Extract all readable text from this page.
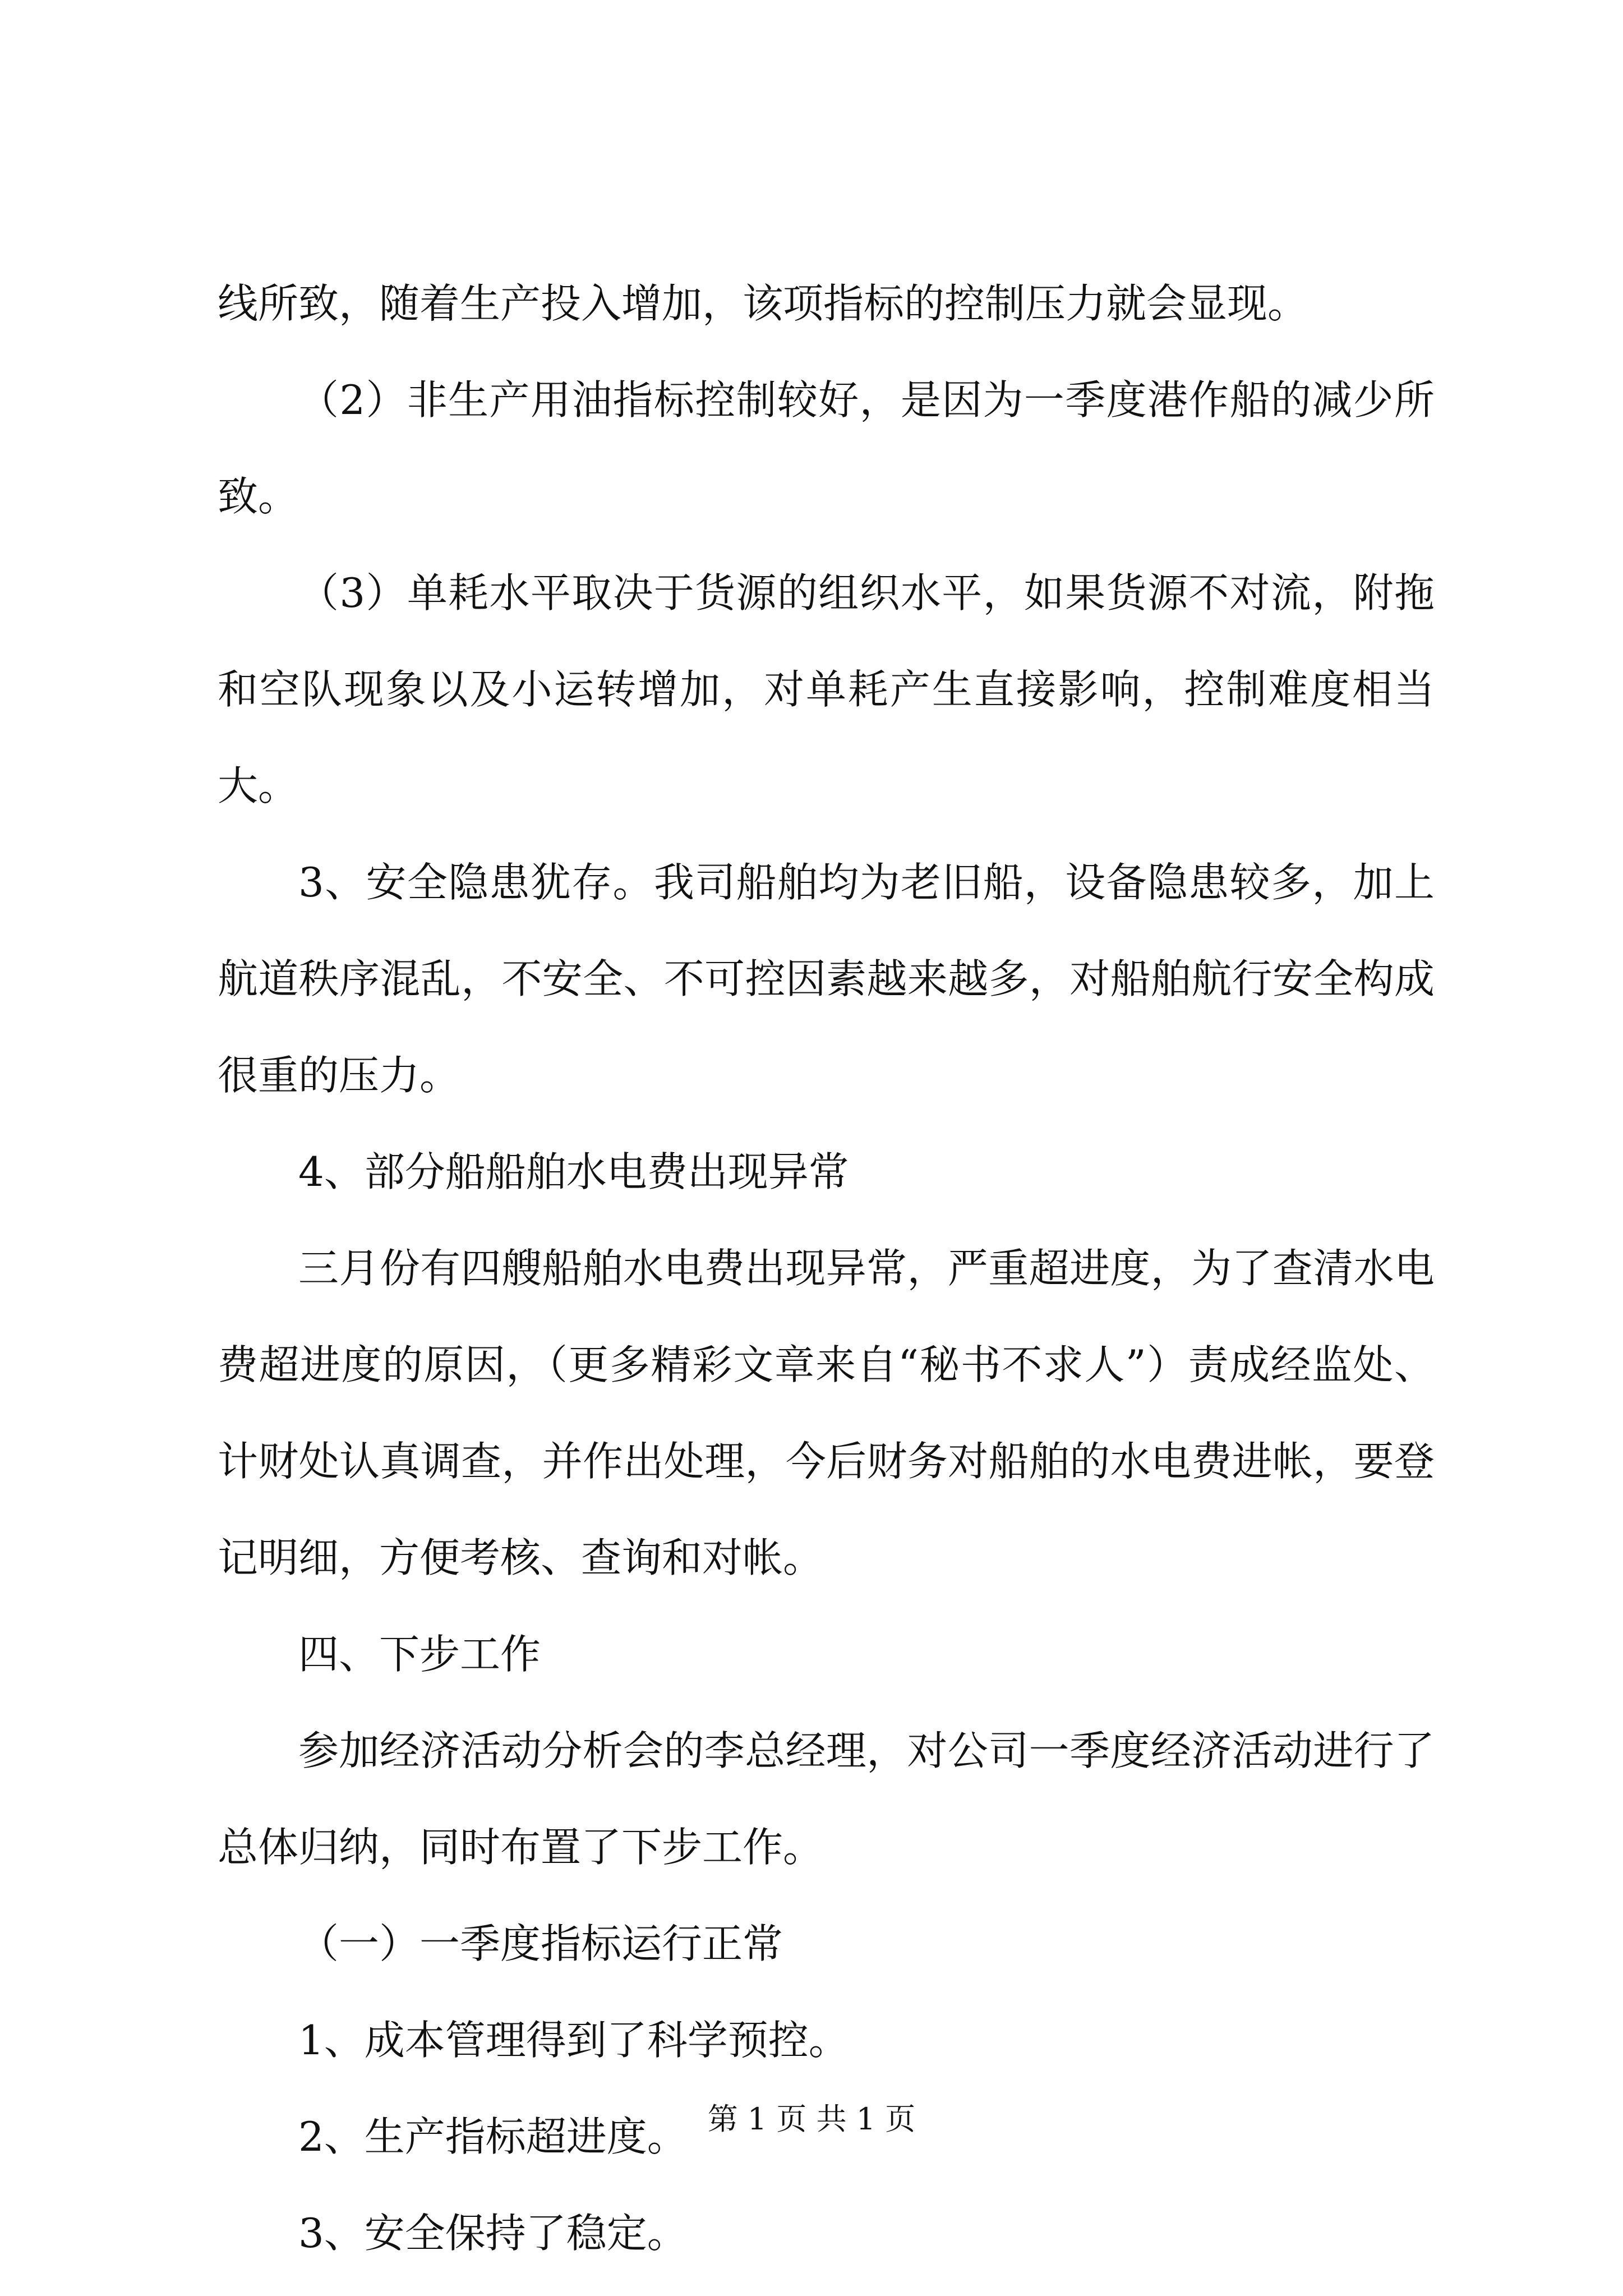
线所致，随着生产投入增加，该项指标的控制压力就会显现。

（2）非生产用油指标控制较好，是因为一季度港作船的减少所致。

（3）单耗水平取决于货源的组织水平，如果货源不对流，附拖和空队现象以及小运转增加，对单耗产生直接影响，控制难度相当大。

3、安全隐患犹存。我司船舶均为老旧船，设备隐患较多，加上航道秩序混乱，不安全、不可控因素越来越多，对船舶航行安全构成很重的压力。

4、部分船船舶水电费出现异常

三月份有四艘船舶水电费出现异常，严重超进度，为了查清水电费超进度的原因，（更多精彩文章来自“秘书不求人”）责成经监处、计财处认真调查，并作出处理，今后财务对船舶的水电费进帐，要登记明细，方便考核、查询和对帐。

四、下步工作

参加经济活动分析会的李总经理，对公司一季度经济活动进行了总体归纳，同时布置了下步工作。

（一）一季度指标运行正常

1、成本管理得到了科学预控。

2、生产指标超进度。

3、安全保持了稳定。

第 1 页 共 1 页
